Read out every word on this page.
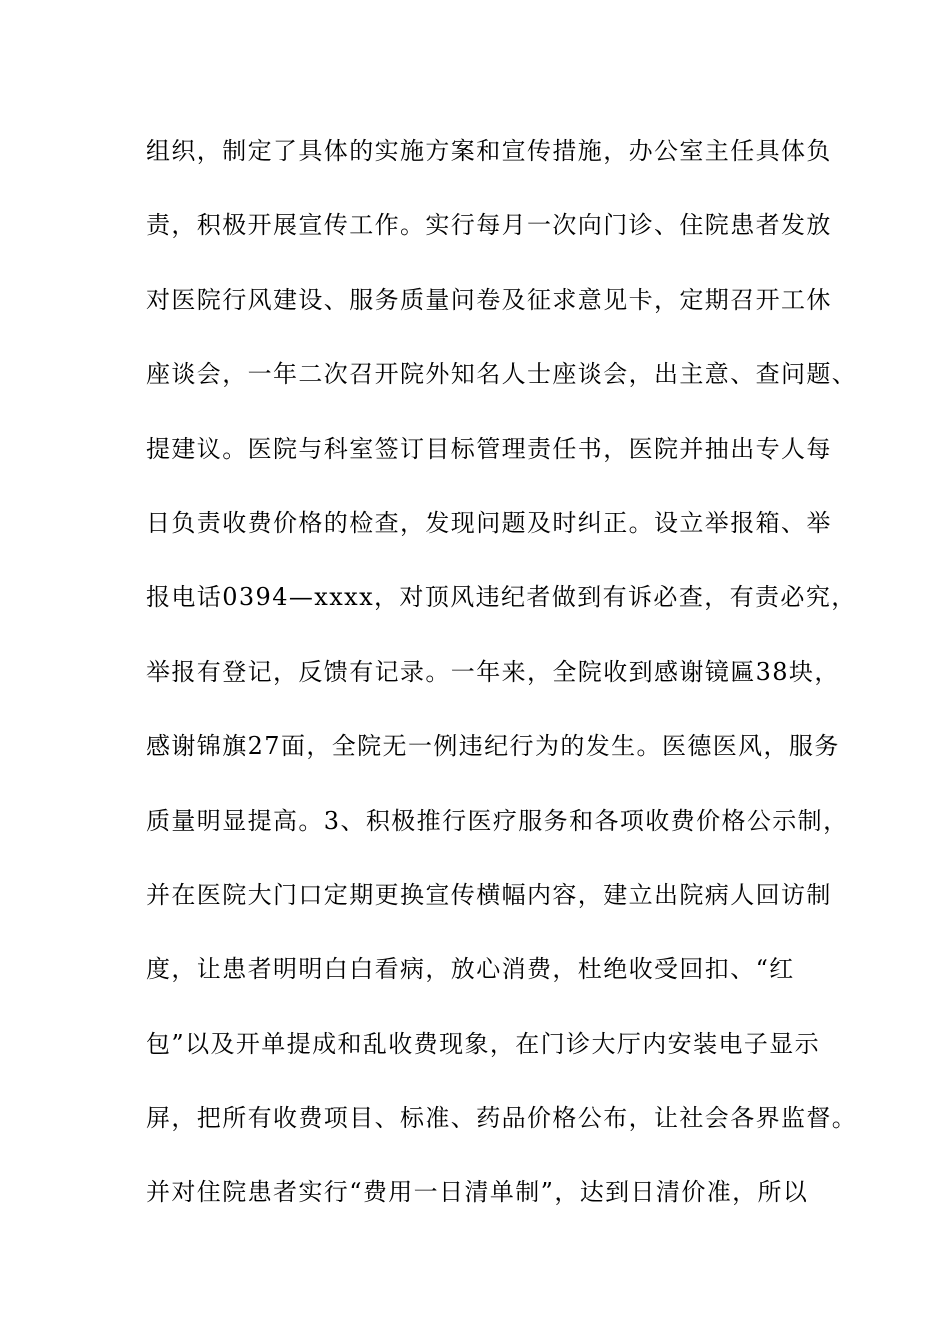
组织，制定了具体的实施方案和宣传措施，办公室主任具体负
责，积极开展宣传工作。实行每月一次向门诊、住院患者发放
对医院行风建设、服务质量问卷及征求意见卡，定期召开工休
座谈会，一年二次召开院外知名人士座谈会，出主意、查问题、
提建议。医院与科室签订目标管理责任书，医院并抽出专人每
日负责收费价格的检查，发现问题及时纠正。设立举报箱、举
报电话0394—xxxx，对顶风违纪者做到有诉必查，有责必究，
举报有登记，反馈有记录。一年来，全院收到感谢镜匾38块，
感谢锦旗27面，全院无一例违纪行为的发生。医德医风，服务
质量明显提高。3、积极推行医疗服务和各项收费价格公示制，
并在医院大门口定期更换宣传横幅内容，建立出院病人回访制
度，让患者明明白白看病，放心消费，杜绝收受回扣、“红
包”以及开单提成和乱收费现象，在门诊大厅内安装电子显示
屏，把所有收费项目、标准、药品价格公布，让社会各界监督。
并对住院患者实行“费用一日清单制”，达到日清价准，所以
